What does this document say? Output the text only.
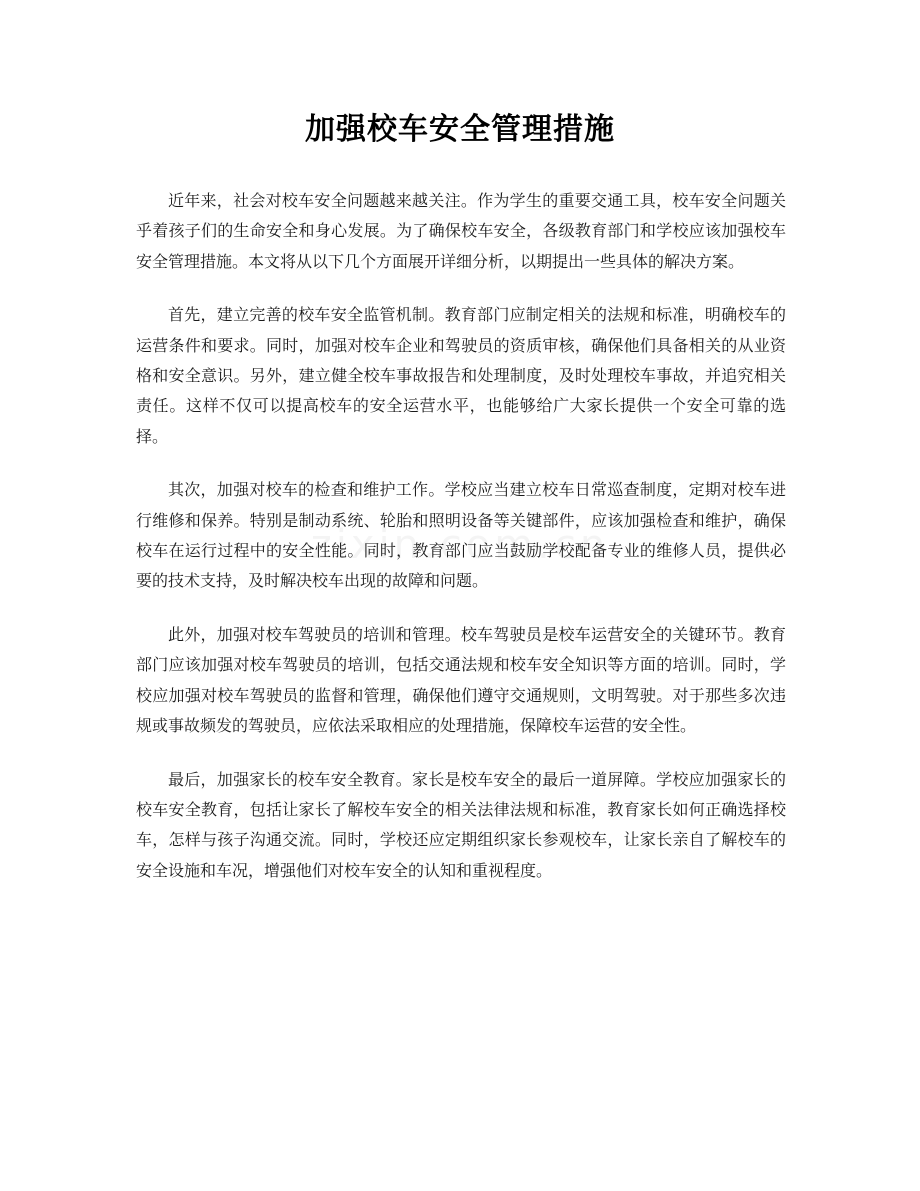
加强校车安全管理措施

近年来，社会对校车安全问题越来越关注。作为学生的重要交通工具，校车安全问题关乎着孩子们的生命安全和身心发展。为了确保校车安全，各级教育部门和学校应该加强校车安全管理措施。本文将从以下几个方面展开详细分析，以期提出一些具体的解决方案。

首先，建立完善的校车安全监管机制。教育部门应制定相关的法规和标准，明确校车的运营条件和要求。同时，加强对校车企业和驾驶员的资质审核，确保他们具备相关的从业资格和安全意识。另外，建立健全校车事故报告和处理制度，及时处理校车事故，并追究相关责任。这样不仅可以提高校车的安全运营水平，也能够给广大家长提供一个安全可靠的选择。

其次，加强对校车的检查和维护工作。学校应当建立校车日常巡查制度，定期对校车进行维修和保养。特别是制动系统、轮胎和照明设备等关键部件，应该加强检查和维护，确保校车在运行过程中的安全性能。同时，教育部门应当鼓励学校配备专业的维修人员，提供必要的技术支持，及时解决校车出现的故障和问题。

此外，加强对校车驾驶员的培训和管理。校车驾驶员是校车运营安全的关键环节。教育部门应该加强对校车驾驶员的培训，包括交通法规和校车安全知识等方面的培训。同时，学校应加强对校车驾驶员的监督和管理，确保他们遵守交通规则，文明驾驶。对于那些多次违规或事故频发的驾驶员，应依法采取相应的处理措施，保障校车运营的安全性。

最后，加强家长的校车安全教育。家长是校车安全的最后一道屏障。学校应加强家长的校车安全教育，包括让家长了解校车安全的相关法律法规和标准，教育家长如何正确选择校车，怎样与孩子沟通交流。同时，学校还应定期组织家长参观校车，让家长亲自了解校车的安全设施和车况，增强他们对校车安全的认知和重视程度。
